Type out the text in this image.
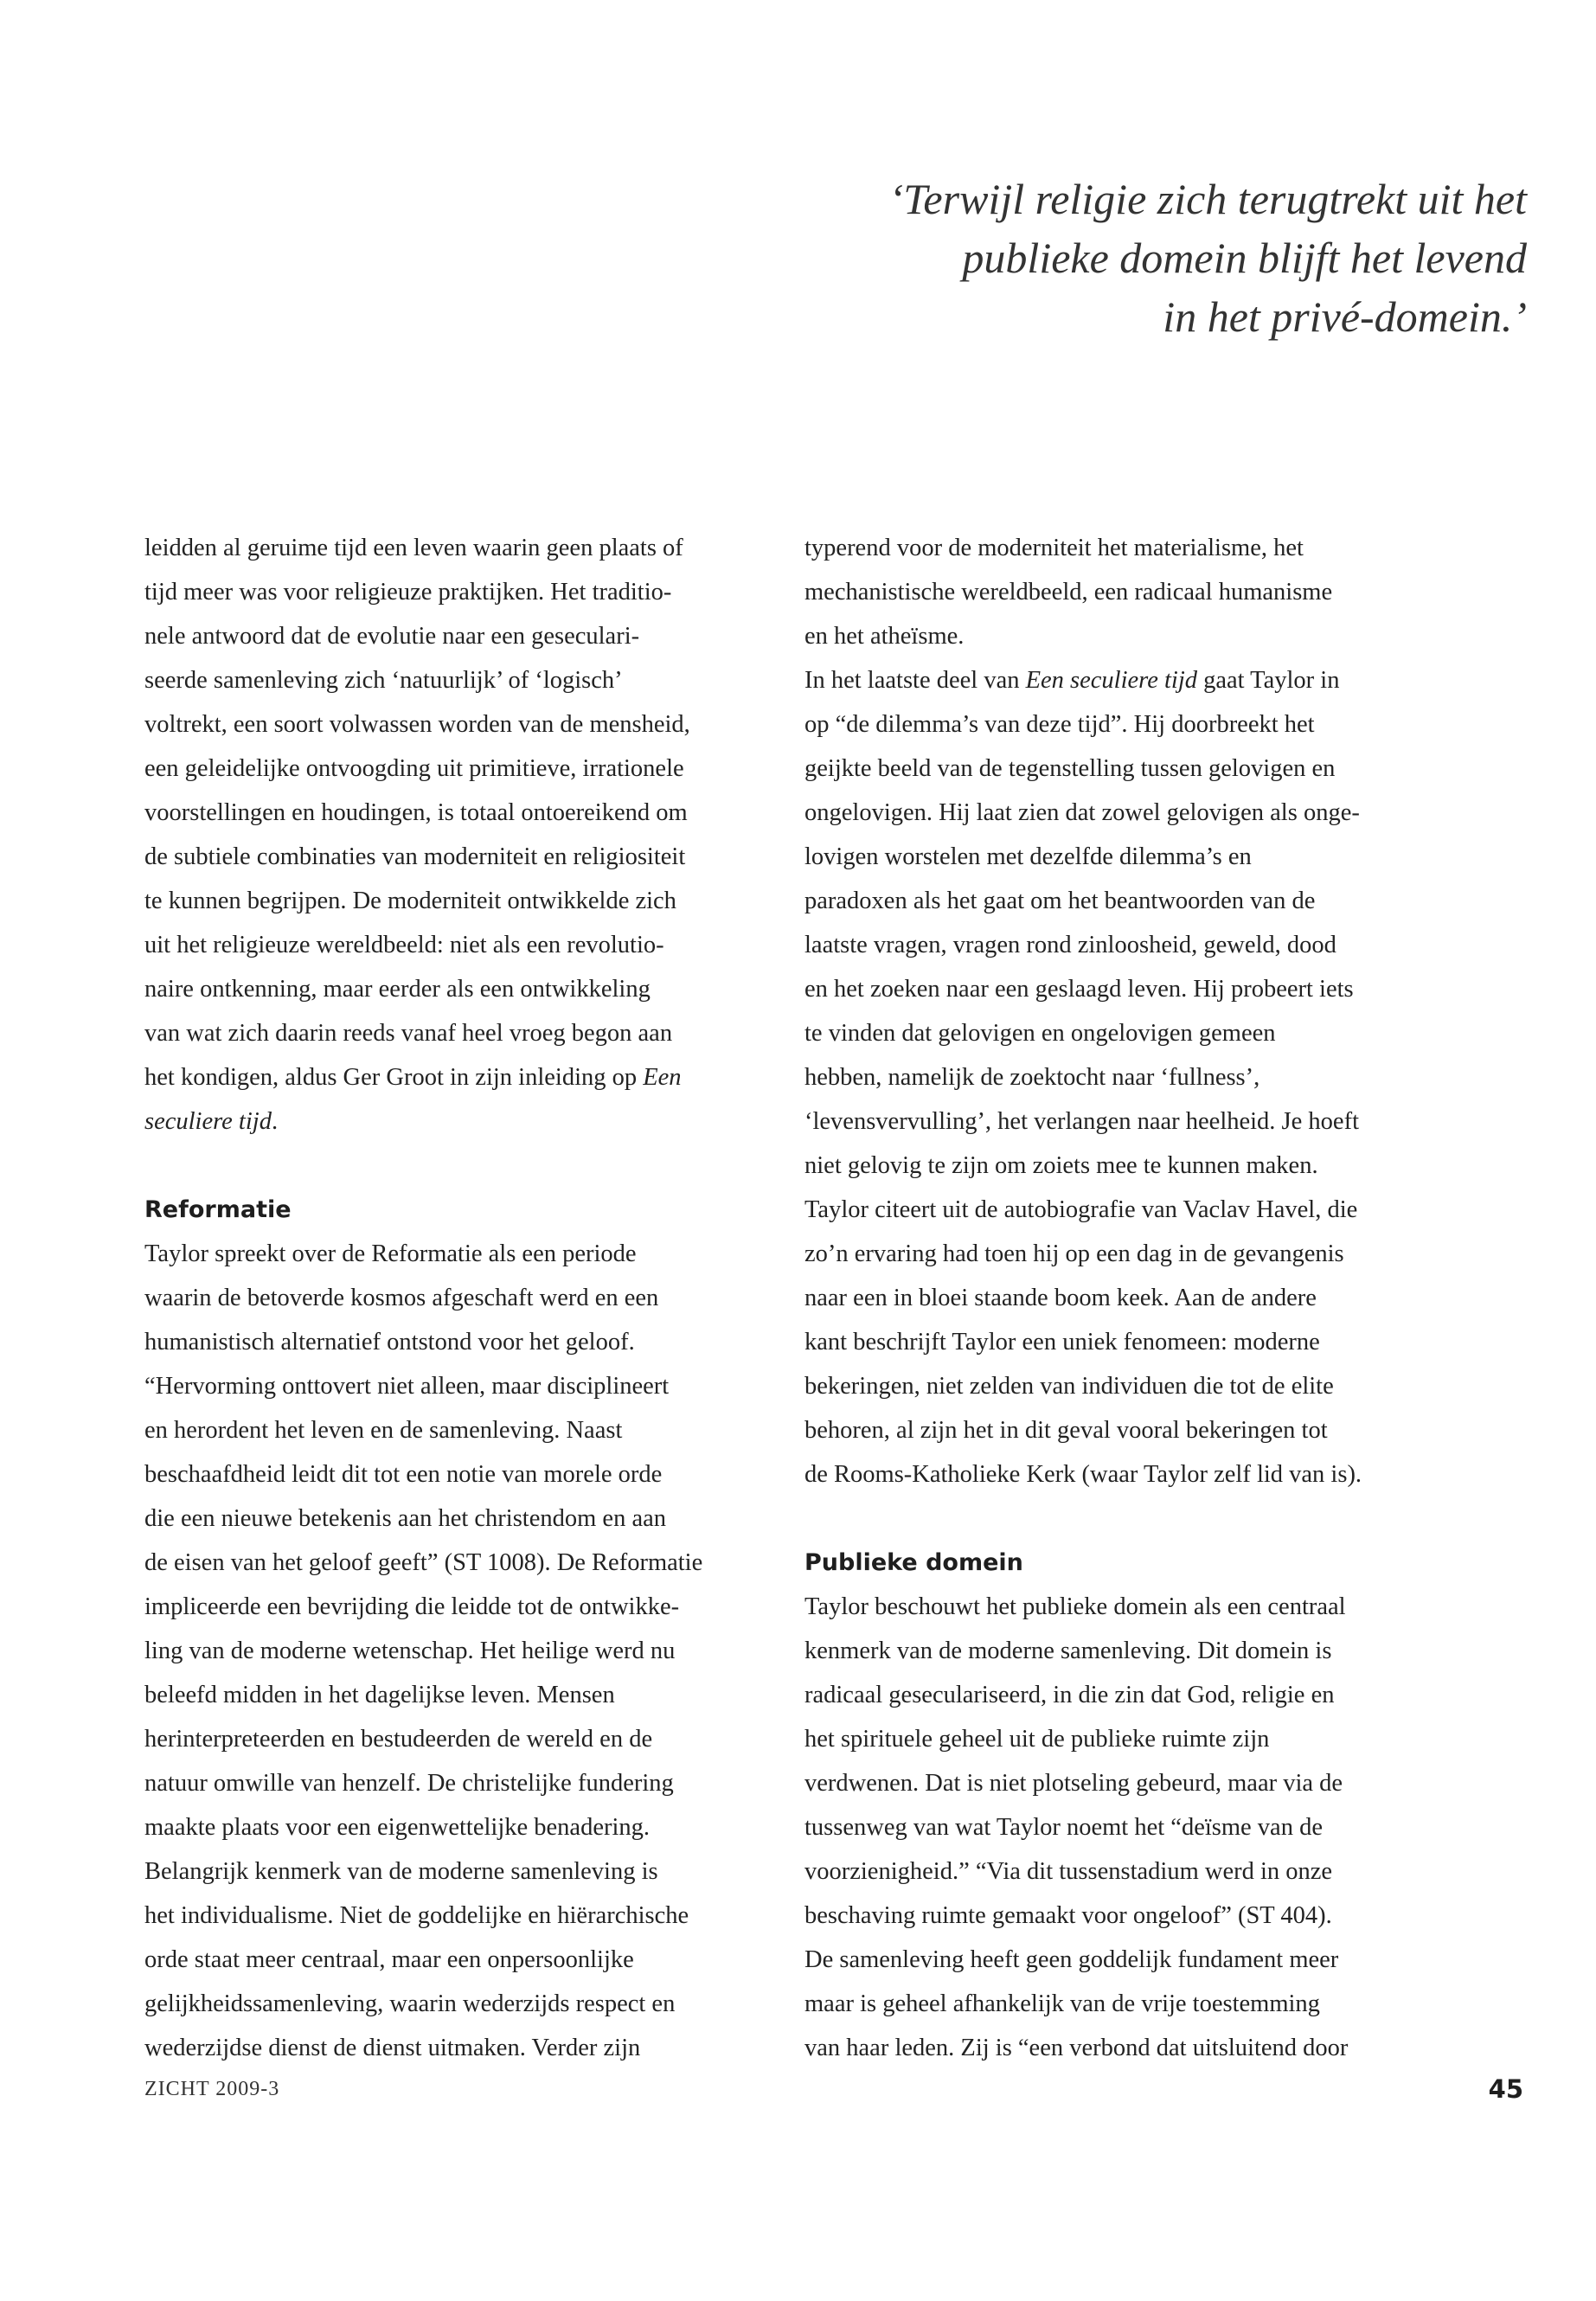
‘Terwijl religie zich terugtrekt uit het
publieke domein blijft het levend
in het privé-domein.’

leidden al geruime tijd een leven waarin geen plaats of
tijd meer was voor religieuze praktijken. Het traditio-
nele antwoord dat de evolutie naar een geseculari-
seerde samenleving zich ‘natuurlijk’ of ‘logisch’
voltrekt, een soort volwassen worden van de mensheid,
een geleidelijke ontvoogding uit primitieve, irrationele
voorstellingen en houdingen, is totaal ontoereikend om
de subtiele combinaties van moderniteit en religiositeit
te kunnen begrijpen. De moderniteit ontwikkelde zich
uit het religieuze wereldbeeld: niet als een revolutio-
naire ontkenning, maar eerder als een ontwikkeling
van wat zich daarin reeds vanaf heel vroeg begon aan
het kondigen, aldus Ger Groot in zijn inleiding op Een
seculiere tijd.

Reformatie

Taylor spreekt over de Reformatie als een periode
waarin de betoverde kosmos afgeschaft werd en een
humanistisch alternatief ontstond voor het geloof.
“Hervorming onttovert niet alleen, maar disciplineert
en herordent het leven en de samenleving. Naast
beschaafdheid leidt dit tot een notie van morele orde
die een nieuwe betekenis aan het christendom en aan
de eisen van het geloof geeft” (ST 1008). De Reformatie
impliceerde een bevrijding die leidde tot de ontwikke-
ling van de moderne wetenschap. Het heilige werd nu
beleefd midden in het dagelijkse leven. Mensen
herinterpreteerden en bestudeerden de wereld en de
natuur omwille van henzelf. De christelijke fundering
maakte plaats voor een eigenwettelijke benadering.
Belangrijk kenmerk van de moderne samenleving is
het individualisme. Niet de goddelijke en hiërarchische
orde staat meer centraal, maar een onpersoonlijke
gelijkheidssamenleving, waarin wederzijds respect en
wederzijdse dienst de dienst uitmaken. Verder zijn

typerend voor de moderniteit het materialisme, het
mechanistische wereldbeeld, een radicaal humanisme
en het atheïsme.

In het laatste deel van Een seculiere tijd gaat Taylor in
op “de dilemma’s van deze tijd”. Hij doorbreekt het
geijkte beeld van de tegenstelling tussen gelovigen en
ongelovigen. Hij laat zien dat zowel gelovigen als onge-
lovigen worstelen met dezelfde dilemma’s en
paradoxen als het gaat om het beantwoorden van de
laatste vragen, vragen rond zinloosheid, geweld, dood
en het zoeken naar een geslaagd leven. Hij probeert iets
te vinden dat gelovigen en ongelovigen gemeen
hebben, namelijk de zoektocht naar ‘fullness’,
‘levensvervulling’, het verlangen naar heelheid. Je hoeft
niet gelovig te zijn om zoiets mee te kunnen maken.
Taylor citeert uit de autobiografie van Vaclav Havel, die
zo’n ervaring had toen hij op een dag in de gevangenis
naar een in bloei staande boom keek. Aan de andere
kant beschrijft Taylor een uniek fenomeen: moderne
bekeringen, niet zelden van individuen die tot de elite
behoren, al zijn het in dit geval vooral bekeringen tot
de Rooms-Katholieke Kerk (waar Taylor zelf lid van is).

Publieke domein

Taylor beschouwt het publieke domein als een centraal
kenmerk van de moderne samenleving. Dit domein is
radicaal geseculariseerd, in die zin dat God, religie en
het spirituele geheel uit de publieke ruimte zijn
verdwenen. Dat is niet plotseling gebeurd, maar via de
tussenweg van wat Taylor noemt het “deïsme van de
voorzienigheid.” “Via dit tussenstadium werd in onze
beschaving ruimte gemaakt voor ongeloof” (ST 404).
De samenleving heeft geen goddelijk fundament meer
maar is geheel afhankelijk van de vrije toestemming
van haar leden. Zij is “een verbond dat uitsluitend door

ZICHT 2009-3	45
